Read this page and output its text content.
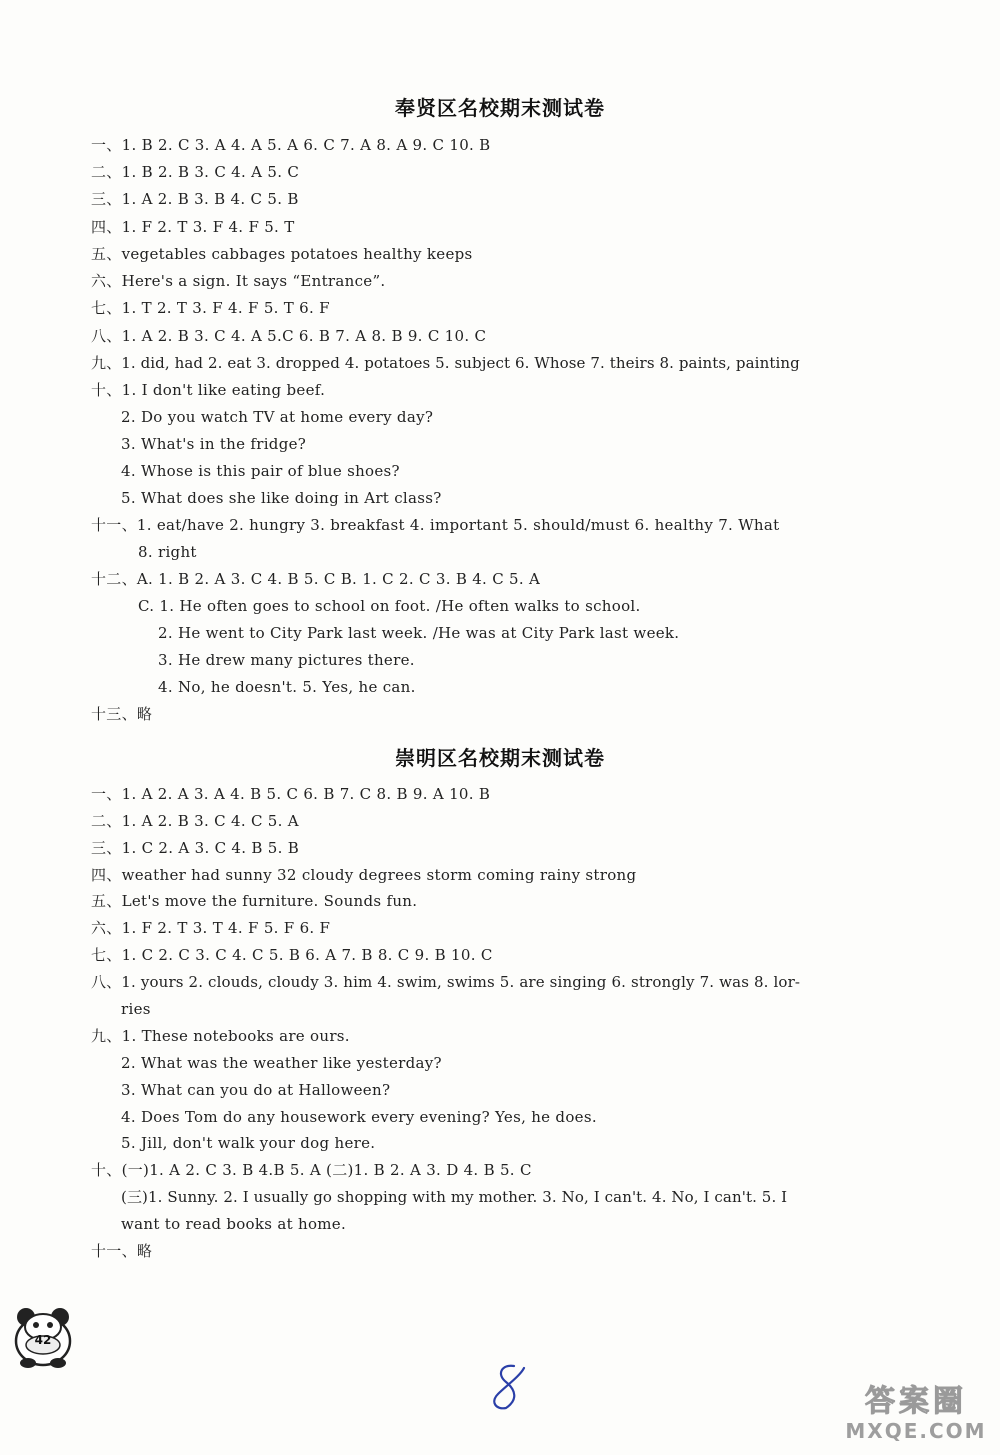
奉贤区名校期末测试卷
一、1. B 2. C 3. A 4. A 5. A 6. C 7. A 8. A 9. C 10. B
二、1. B 2. B 3. C 4. A 5. C
三、1. A 2. B 3. B 4. C 5. B
四、1. F 2. T 3. F 4. F 5. T
五、vegetables cabbages potatoes healthy keeps
六、Here's a sign. It says “Entrance”.
七、1. T 2. T 3. F 4. F 5. T 6. F
八、1. A 2. B 3. C 4. A 5.C 6. B 7. A 8. B 9. C 10. C
九、1. did, had 2. eat 3. dropped 4. potatoes 5. subject 6. Whose 7. theirs 8. paints, painting
十、1. I don't like eating beef.
2. Do you watch TV at home every day?
3. What's in the fridge?
4. Whose is this pair of blue shoes?
5. What does she like doing in Art class?
十一、1. eat/have 2. hungry 3. breakfast 4. important 5. should/must 6. healthy 7. What
8. right
十二、A. 1. B 2. A 3. C 4. B 5. C B. 1. C 2. C 3. B 4. C 5. A
C. 1. He often goes to school on foot. /He often walks to school.
2. He went to City Park last week. /He was at City Park last week.
3. He drew many pictures there.
4. No, he doesn't. 5. Yes, he can.
十三、略
崇明区名校期末测试卷
一、1. A 2. A 3. A 4. B 5. C 6. B 7. C 8. B 9. A 10. B
二、1. A 2. B 3. C 4. C 5. A
三、1. C 2. A 3. C 4. B 5. B
四、weather had sunny 32 cloudy degrees storm coming rainy strong
五、Let's move the furniture. Sounds fun.
六、1. F 2. T 3. T 4. F 5. F 6. F
七、1. C 2. C 3. C 4. C 5. B 6. A 7. B 8. C 9. B 10. C
八、1. yours 2. clouds, cloudy 3. him 4. swim, swims 5. are singing 6. strongly 7. was 8. lor-
ries
九、1. These notebooks are ours.
2. What was the weather like yesterday?
3. What can you do at Halloween?
4. Does Tom do any housework every evening? Yes, he does.
5. Jill, don't walk your dog here.
十、(一)1. A 2. C 3. B 4.B 5. A (二)1. B 2. A 3. D 4. B 5. C
(三)1. Sunny. 2. I usually go shopping with my mother. 3. No, I can't. 4. No, I can't. 5. I
want to read books at home.
十一、略
42
答案圈
MXQE.COM
